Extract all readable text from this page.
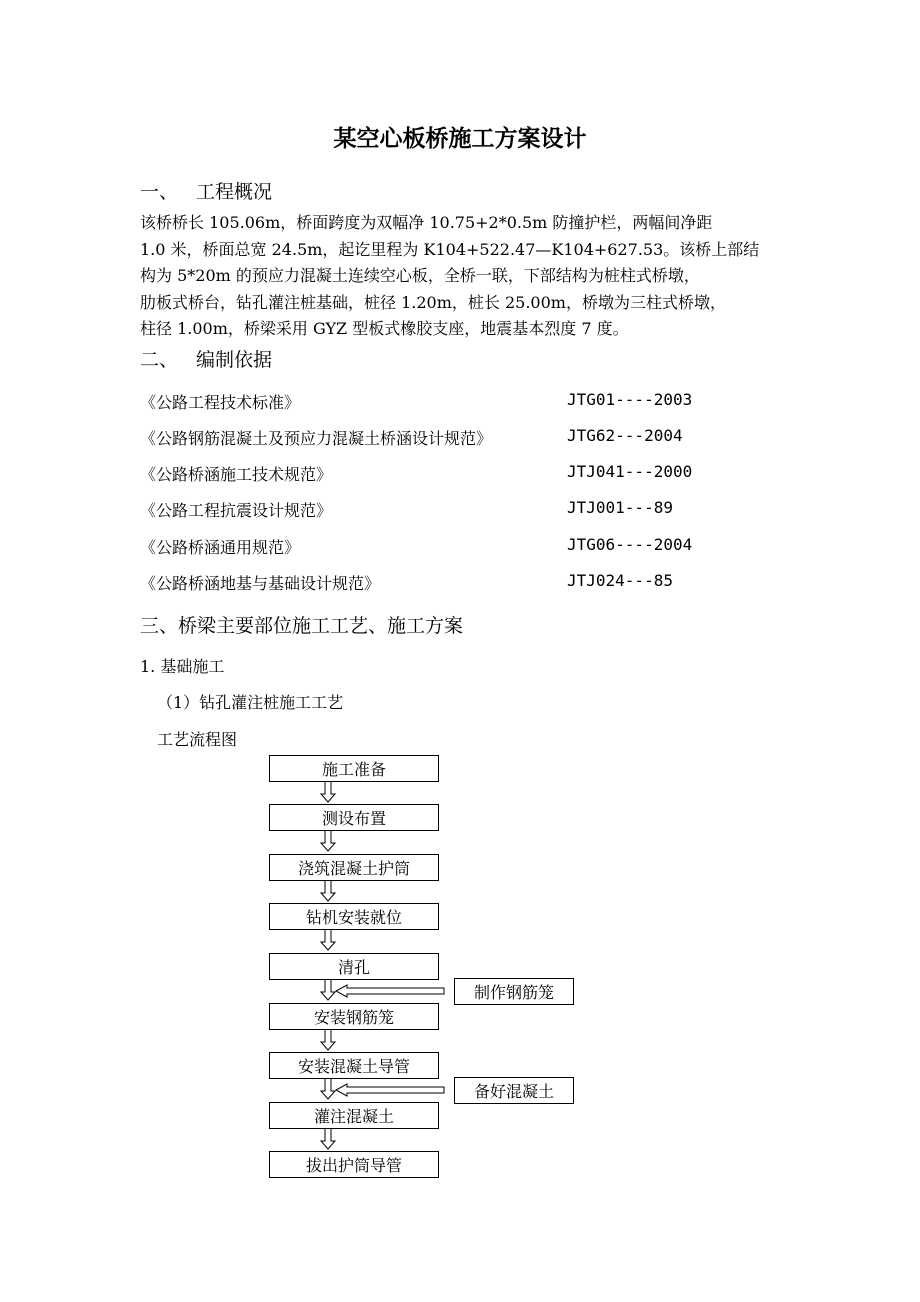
某空心板桥施工方案设计
一、 工程概况
该桥桥长 105.06m，桥面跨度为双幅净 10.75+2*0.5m 防撞护栏，两幅间净距
1.0 米，桥面总宽 24.5m，起讫里程为 K104+522.47—K104+627.53。该桥上部结
构为 5*20m 的预应力混凝土连续空心板，全桥一联，下部结构为桩柱式桥墩，
肋板式桥台，钻孔灌注桩基础，桩径 1.20m，桩长 25.00m，桥墩为三柱式桥墩，
柱径 1.00m，桥梁采用 GYZ 型板式橡胶支座，地震基本烈度 7 度。
二、 编制依据
《公路工程技术标准》	JTG01----2003
《公路钢筋混凝土及预应力混凝土桥涵设计规范》	JTG62---2004
《公路桥涵施工技术规范》	JTJ041---2000
《公路工程抗震设计规范》	JTJ001---89
《公路桥涵通用规范》	JTG06----2004
《公路桥涵地基与基础设计规范》	JTJ024---85
三、桥梁主要部位施工工艺、施工方案
1. 基础施工
（1）钻孔灌注桩施工工艺
工艺流程图
施工准备
测设布置
浇筑混凝土护筒
钻机安装就位
清孔
安装钢筋笼
安装混凝土导管
灌注混凝土
拔出护筒导管
制作钢筋笼
备好混凝土
